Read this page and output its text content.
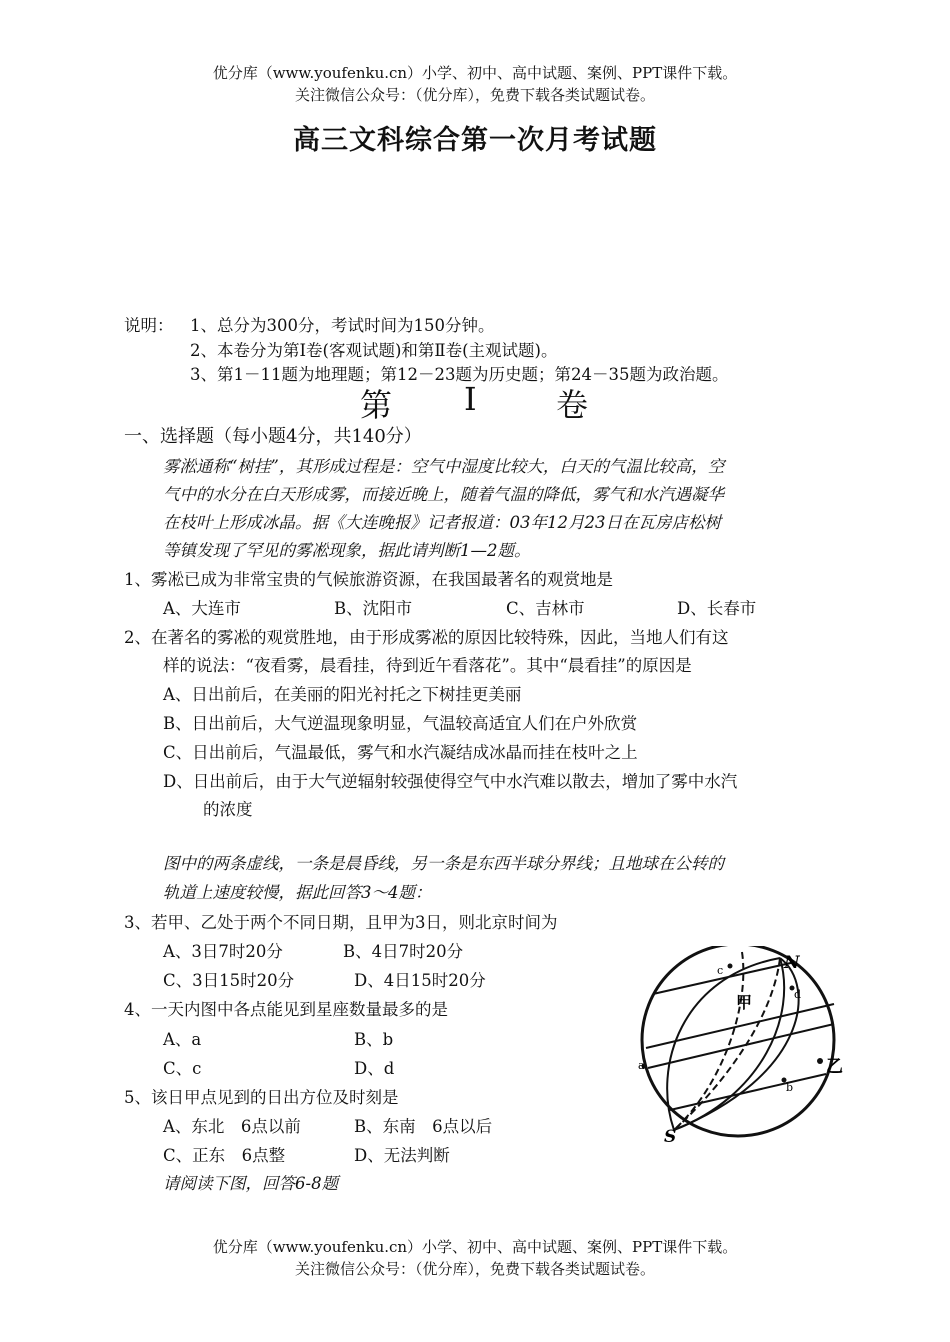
优分库（www.youfenku.cn）小学、初中、高中试题、案例、PPT课件下载。
关注微信公众号：（优分库），免费下载各类试题试卷。
高三文科综合第一次月考试题
说明： 1、总分为300分，考试时间为150分钟。
2、本卷分为第Ⅰ卷(客观试题)和第Ⅱ卷(主观试题)。
3、第1－11题为地理题；第12－23题为历史题；第24－35题为政治题。
第 Ⅰ 卷
一、选择题（每小题4分，共140分）
雾淞通称“树挂”，其形成过程是：空气中湿度比较大，白天的气温比较高，空
气中的水分在白天形成雾，而接近晚上，随着气温的降低，雾气和水汽遇凝华
在枝叶上形成冰晶。据《大连晚报》记者报道：03年12月23日在瓦房店松树
等镇发现了罕见的雾凇现象，据此请判断1—2题。
1、雾凇已成为非常宝贵的气候旅游资源，在我国最著名的观赏地是
A、大连市	B、沈阳市	C、吉林市	D、长春市
2、在著名的雾凇的观赏胜地，由于形成雾凇的原因比较特殊，因此，当地人们有这
样的说法：“夜看雾，晨看挂，待到近午看落花”。其中“晨看挂”的原因是
A、日出前后，在美丽的阳光衬托之下树挂更美丽
B、日出前后，大气逆温现象明显，气温较高适宜人们在户外欣赏
C、日出前后，气温最低，雾气和水汽凝结成冰晶而挂在枝叶之上
D、日出前后，由于大气逆辐射较强使得空气中水汽难以散去，增加了雾中水汽
的浓度
图中的两条虚线，一条是晨昏线，另一条是东西半球分界线；且地球在公转的
轨道上速度较慢，据此回答3～4题：
3、若甲、乙处于两个不同日期，且甲为3日，则北京时间为
A、3日7时20分	B、4日7时20分
C、3日15时20分	D、4日15时20分
4、一天内图中各点能见到星座数量最多的是
A、a	B、b
C、c	D、d
5、该日甲点见到的日出方位及时刻是
A、东北　6点以前	B、东南　6点以后
C、正东　6点整	D、无法判断
请阅读下图，回答6-8题
N
S
甲
乙
a
b
c
d
优分库（www.youfenku.cn）小学、初中、高中试题、案例、PPT课件下载。
关注微信公众号：（优分库），免费下载各类试题试卷。
